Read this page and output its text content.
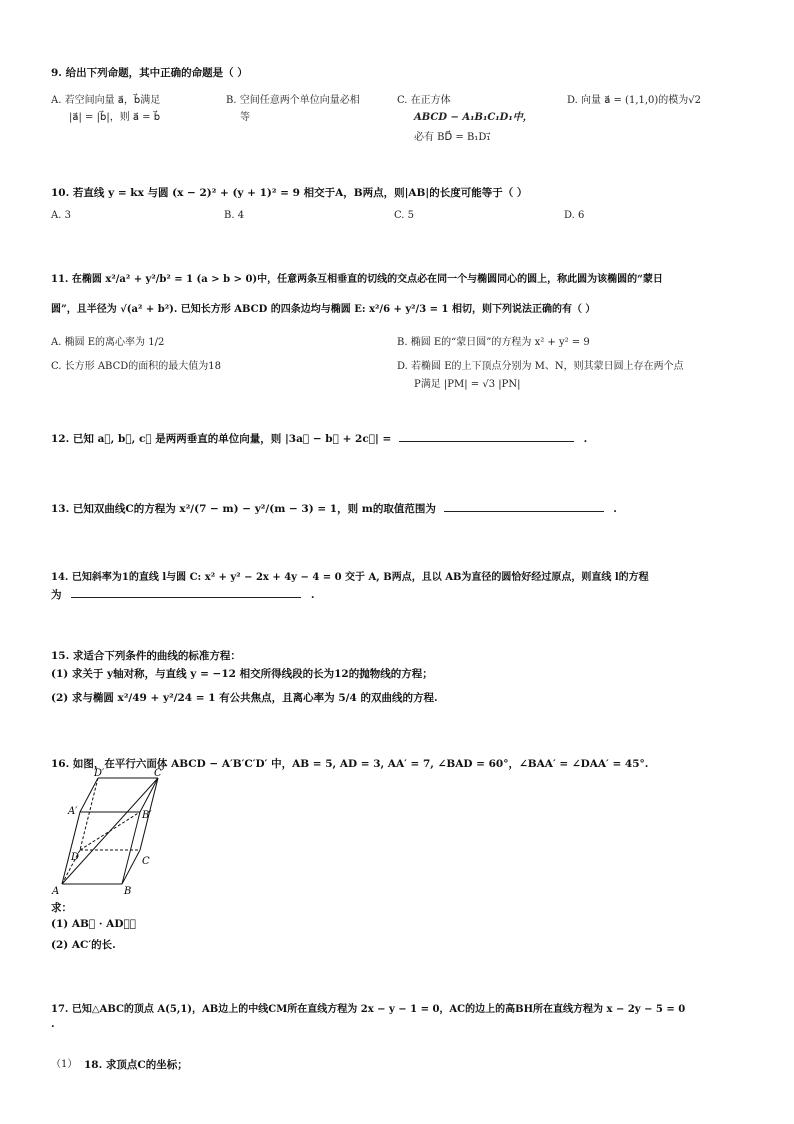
9. 给出下列命题，其中正确的命题是（ ）
A. 若空间向量 a⃗，b⃗满足
|a⃗| = |b⃗|，则 a⃗ = b⃗
B. 空间任意两个单位向量必相
等
C. 在正方体
ABCD − A₁B₁C₁D₁中，
必有 BD⃗ = B₁D₁⃗
D. 向量 a⃗ = (1,1,0)的模为√2
10. 若直线 y = kx 与圆 (x − 2)² + (y + 1)² = 9 相交于A，B两点，则|AB|的长度可能等于（ ）
A. 3	B. 4	C. 5	D. 6
11. 在椭圆 x²/a² + y²/b² = 1 (a > b > 0)中，任意两条互相垂直的切线的交点必在同一个与椭圆同心的圆上，称此圆为该椭圆的“蒙日
圆”，且半径为 √(a² + b²). 已知长方形 ABCD 的四条边均与椭圆 E: x²/6 + y²/3 = 1 相切，则下列说法正确的有（ ）
A. 椭圆 E的离心率为 1/2	B. 椭圆 E的“蒙日圆”的方程为 x² + y² = 9
C. 长方形 ABCD的面积的最大值为18	D. 若椭圆 E的上下顶点分别为 M、N，则其蒙日圆上存在两个点
P满足 |PM| = √3 |PN|
12. 已知 a⃗, b⃗, c⃗ 是两两垂直的单位向量，则 |3a⃗ − b⃗ + 2c⃗| =	.
13. 已知双曲线C的方程为 x²/(7 − m) − y²/(m − 3) = 1，则 m的取值范围为	.
14. 已知斜率为1的直线 l与圆 C: x² + y² − 2x + 4y − 4 = 0 交于 A, B两点，且以 AB为直径的圆恰好经过原点，则直线 l的方程
为	.
15. 求适合下列条件的曲线的标准方程：
(1) 求关于 y轴对称，与直线 y = −12 相交所得线段的长为12的抛物线的方程；
(2) 求与椭圆 x²/49 + y²/24 = 1 有公共焦点，且离心率为 5/4 的双曲线的方程.
16. 如图，在平行六面体 ABCD − A′B′C′D′ 中，AB = 5, AD = 3, AA′ = 7, ∠BAD = 60°，∠BAA′ = ∠DAA′ = 45°.
D′	C′
A′	B′
D	C
A	B
求：
(1) AB⃗ · AD⃗；
(2) AC′的长.
17. 已知△ABC的顶点 A(5,1)，AB边上的中线CM所在直线方程为 2x − y − 1 = 0，AC的边上的高BH所在直线方程为 x − 2y − 5 = 0
.
（1） 18. 求顶点C的坐标；
